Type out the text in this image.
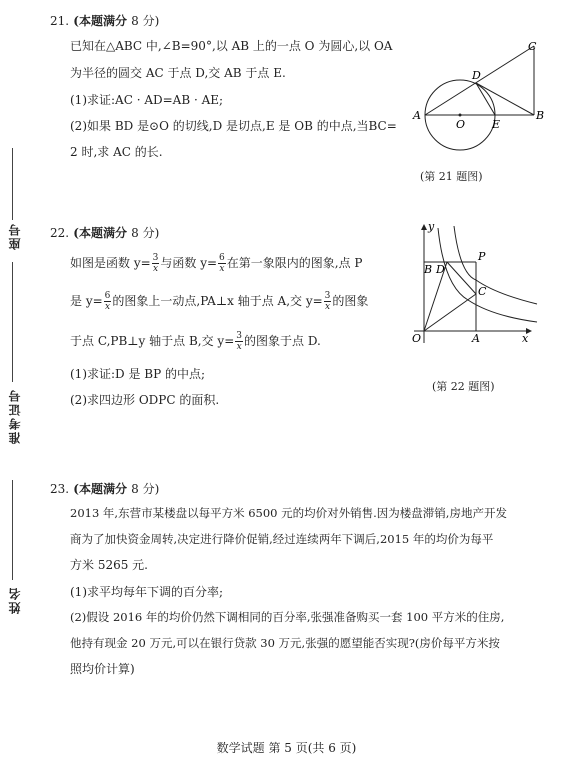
座号
准考证号
姓名
21. (本题满分 8 分)
已知在△ABC 中,∠B=90°,以 AB 上的一点 O 为圆心,以 OA
为半径的圆交 AC 于点 D,交 AB 于点 E.
(1)求证:AC · AD=AB · AE;
(2)如果 BD 是⊙O 的切线,D 是切点,E 是 OB 的中点,当BC=
2 时,求 AC 的长.
A	B
C
D
E
O
(第 21 题图)
22. (本题满分 8 分)
如图是函数 $y= \frac{3}{x}$ 与函数 $y= \frac{6}{x}$ 在第一象限内的图象,点 P
是 $y= \frac{6}{x}$ 的图象上一动点,PA⊥x 轴于点 A,交 $y= \frac{3}{x}$ 的图象
于点 C,PB⊥y 轴于点 B,交 $y= \frac{3}{x}$ 的图象于点 D.
(1)求证:D 是 BP 的中点;
(2)求四边形 ODPC 的面积.
y
x
O	A
B D
C
P
(第 22 题图)
23. (本题满分 8 分)
2013 年,东营市某楼盘以每平方米 6500 元的均价对外销售.因为楼盘滞销,房地产开发
商为了加快资金周转,决定进行降价促销,经过连续两年下调后,2015 年的均价为每平
方米 5265 元.
(1)求平均每年下调的百分率;
(2)假设 2016 年的均价仍然下调相同的百分率,张强准备购买一套 100 平方米的住房,
他持有现金 20 万元,可以在银行贷款 30 万元,张强的愿望能否实现?(房价每平方米按
照均价计算)
数学试题 第 5 页(共 6 页)
